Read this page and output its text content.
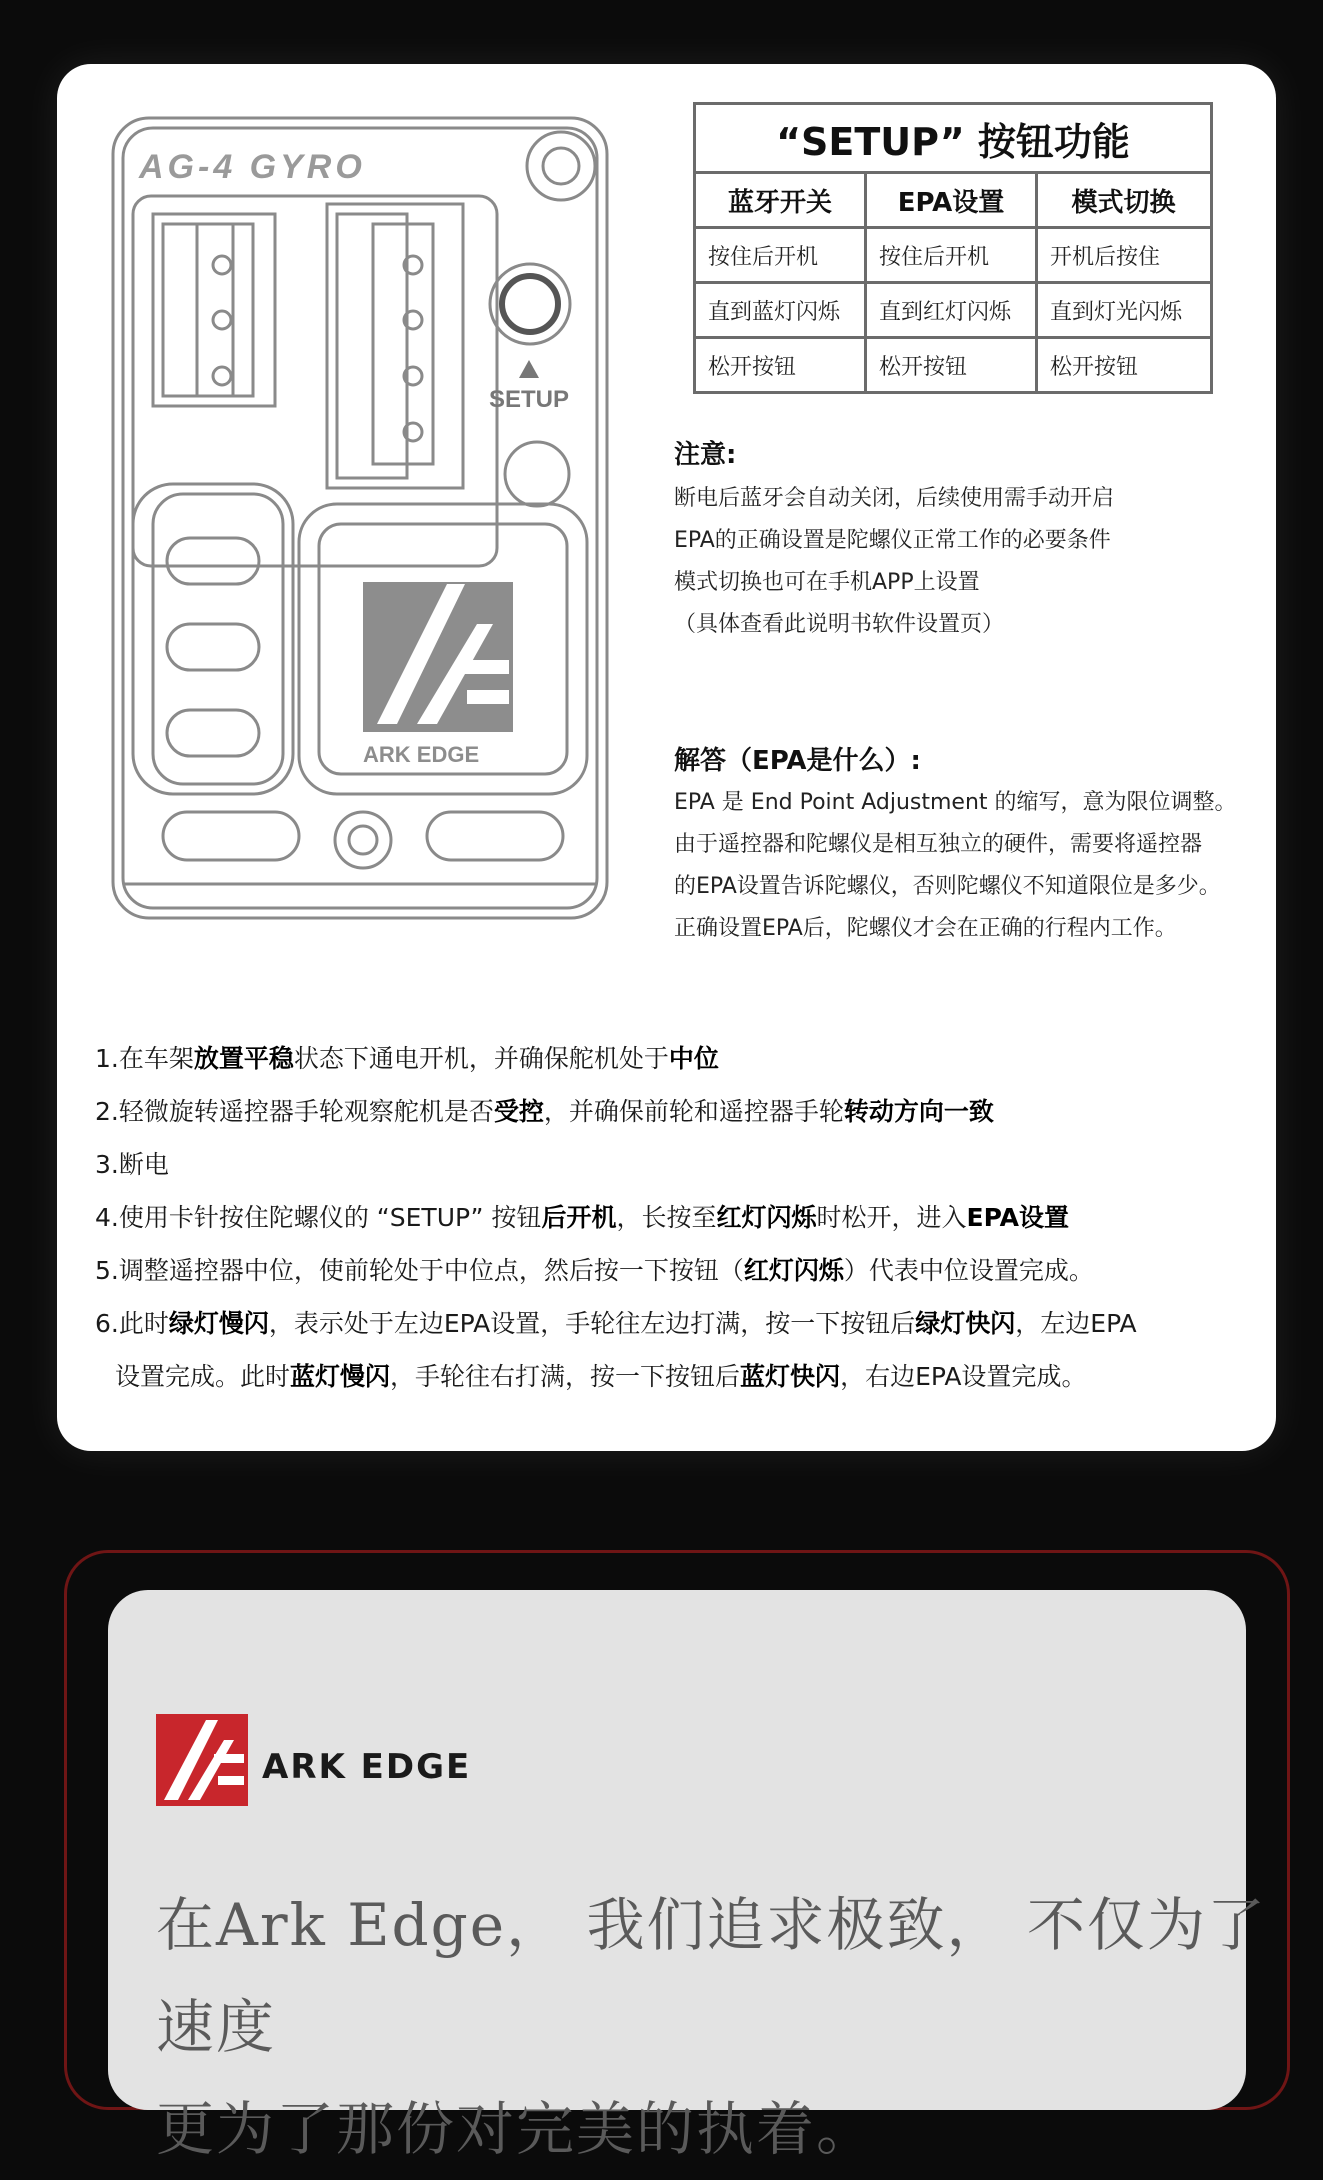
AG-4 GYRO
SETUP
ARK EDGE
“SETUP” 按钮功能
蓝牙开关	EPA设置	模式切换
按住后开机	按住后开机	开机后按住
直到蓝灯闪烁	直到红灯闪烁	直到灯光闪烁
松开按钮	松开按钮	松开按钮
注意:
断电后蓝牙会自动关闭，后续使用需手动开启
EPA的正确设置是陀螺仪正常工作的必要条件
模式切换也可在手机APP上设置
（具体查看此说明书软件设置页）
解答（EPA是什么）:
EPA 是 End Point Adjustment 的缩写，意为限位调整。
由于遥控器和陀螺仪是相互独立的硬件，需要将遥控器
的EPA设置告诉陀螺仪，否则陀螺仪不知道限位是多少。
正确设置EPA后，陀螺仪才会在正确的行程内工作。
1.在车架放置平稳状态下通电开机，并确保舵机处于中位
2.轻微旋转遥控器手轮观察舵机是否受控，并确保前轮和遥控器手轮转动方向一致
3.断电
4.使用卡针按住陀螺仪的 “SETUP” 按钮后开机，长按至红灯闪烁时松开，进入EPA设置
5.调整遥控器中位，使前轮处于中位点，然后按一下按钮（红灯闪烁）代表中位设置完成。
6.此时绿灯慢闪，表示处于左边EPA设置，手轮往左边打满，按一下按钮后绿灯快闪，左边EPA
设置完成。此时蓝灯慢闪，手轮往右打满，按一下按钮后蓝灯快闪，右边EPA设置完成。
ARK EDGE
在Ark Edge， 我们追求极致， 不仅为了速度
更为了那份对完美的执着。
